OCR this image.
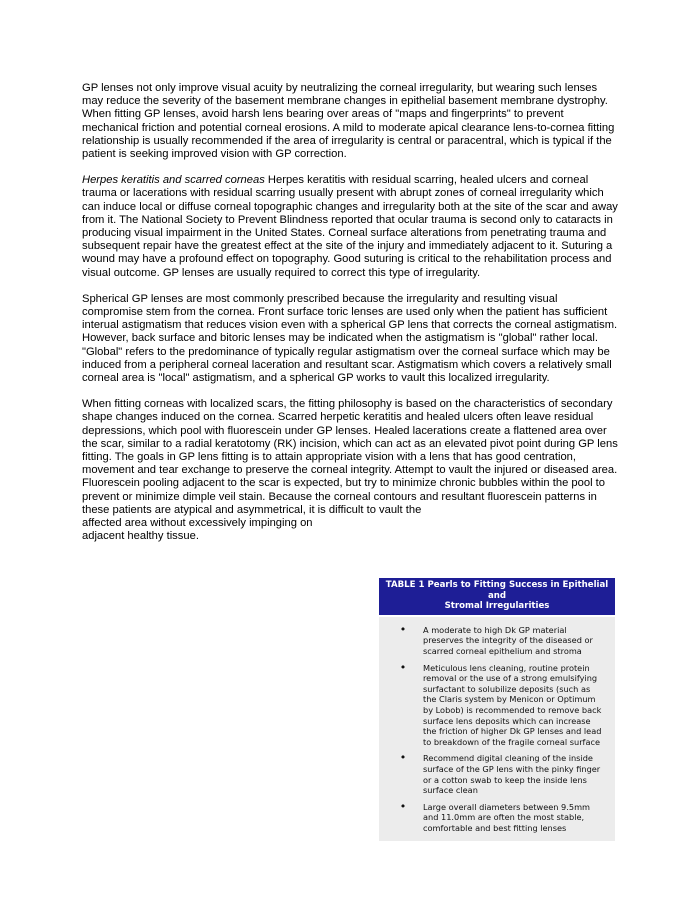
GP lenses not only improve visual acuity by neutralizing the corneal irregularity, but wearing such lenses may reduce the severity of the basement membrane changes in epithelial basement membrane dystrophy. When fitting GP lenses, avoid harsh lens bearing over areas of "maps and fingerprints" to prevent mechanical friction and potential corneal erosions. A mild to moderate apical clearance lens-to-cornea fitting relationship is usually recommended if the area of irregularity is central or paracentral, which is typical if the patient is seeking improved vision with GP correction.

Herpes keratitis and scarred corneas Herpes keratitis with residual scarring, healed ulcers and corneal trauma or lacerations with residual scarring usually present with abrupt zones of corneal irregularity which can induce local or diffuse corneal topographic changes and irregularity both at the site of the scar and away from it. The National Society to Prevent Blindness reported that ocular trauma is second only to cataracts in producing visual impairment in the United States. Corneal surface alterations from penetrating trauma and subsequent repair have the greatest effect at the site of the injury and immediately adjacent to it. Suturing a wound may have a profound effect on topography. Good suturing is critical to the rehabilitation process and visual outcome. GP lenses are usually required to correct this type of irregularity.

Spherical GP lenses are most commonly prescribed because the irregularity and resulting visual compromise stem from the cornea. Front surface toric lenses are used only when the patient has sufficient interual astigmatism that reduces vision even with a spherical GP lens that corrects the corneal astigmatism. However, back surface and bitoric lenses may be indicated when the astigmatism is "global" rather local. "Global" refers to the predominance of typically regular astigmatism over the corneal surface which may be induced from a peripheral corneal laceration and resultant scar. Astigmatism which covers a relatively small corneal area is "local" astigmatism, and a spherical GP works to vault this localized irregularity.

When fitting corneas with localized scars, the fitting philosophy is based on the characteristics of secondary shape changes induced on the cornea. Scarred herpetic keratitis and healed ulcers often leave residual depressions, which pool with fluorescein under GP lenses. Healed lacerations create a flattened area over the scar, similar to a radial keratotomy (RK) incision, which can act as an elevated pivot point during GP lens fitting. The goals in GP lens fitting is to attain appropriate vision with a lens that has good centration, movement and tear exchange to preserve the corneal integrity. Attempt to vault the injured or diseased area. Fluorescein pooling adjacent to the scar is expected, but try to minimize chronic bubbles within the pool to prevent or minimize dimple veil stain. Because the corneal contours and resultant fluorescein patterns in these patients are atypical and asymmetrical, it is difficult to vault the

affected area without excessively impinging on
adjacent healthy tissue.
TABLE 1 Pearls to Fitting Success in Epithelial
and
Stromal Irregularities
•	A moderate to high Dk GP material preserves the integrity of the diseased or scarred corneal epithelium and stroma
•	Meticulous lens cleaning, routine protein removal or the use of a strong emulsifying surfactant to solubilize deposits (such as the Claris system by Menicon or Optimum by Lobob) is recommended to remove back surface lens deposits which can increase the friction of higher Dk GP lenses and lead to breakdown of the fragile corneal surface
•	Recommend digital cleaning of the inside surface of the GP lens with the pinky finger or a cotton swab to keep the inside lens surface clean
•	Large overall diameters between 9.5mm and 11.0mm are often the most stable, comfortable and best fitting lenses
